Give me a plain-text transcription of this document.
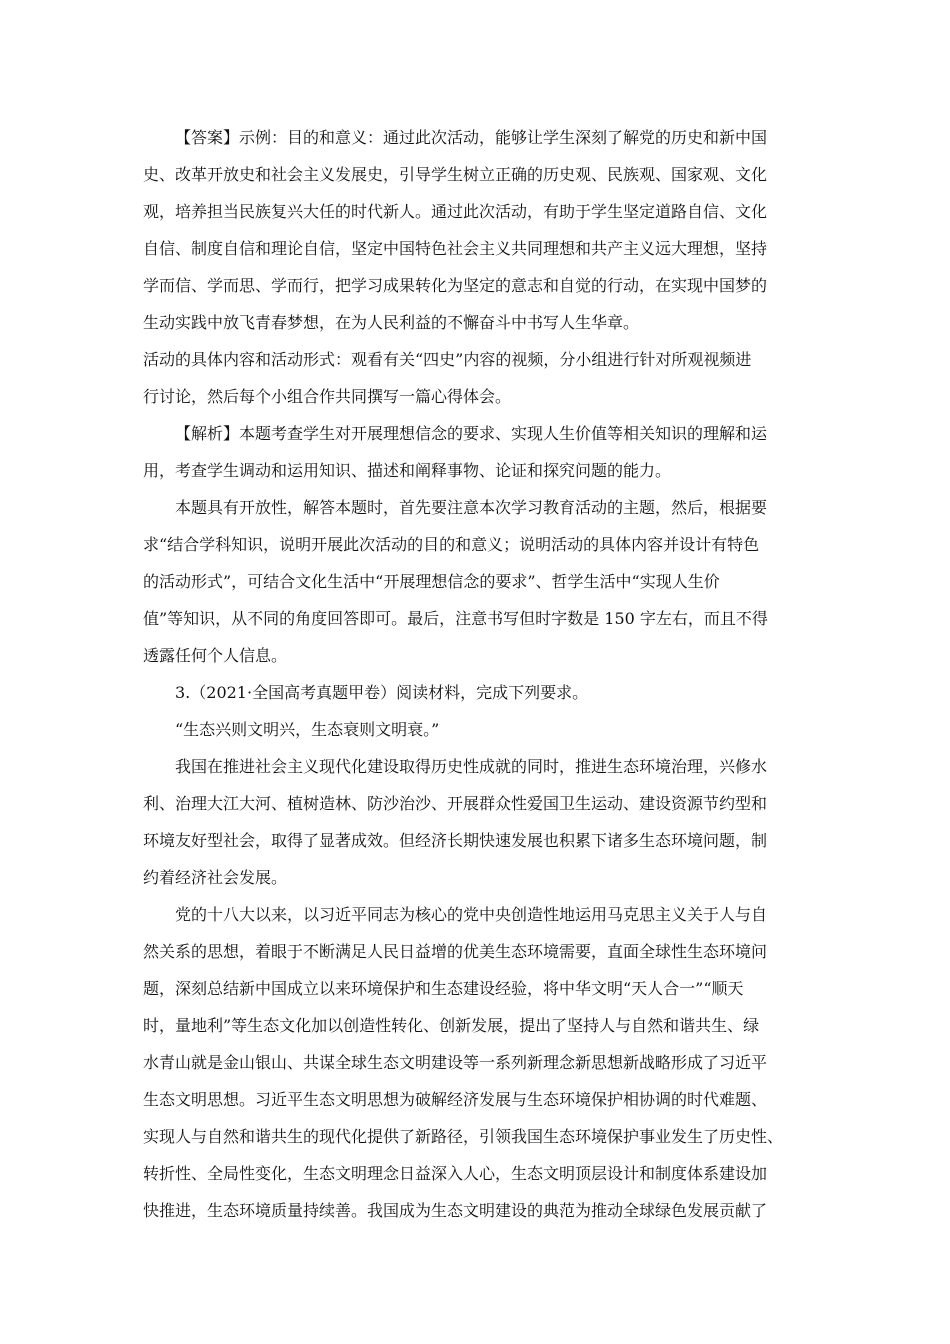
【答案】示例：目的和意义：通过此次活动，能够让学生深刻了解党的历史和新中国
史、改革开放史和社会主义发展史，引导学生树立正确的历史观、民族观、国家观、文化
观，培养担当民族复兴大任的时代新人。通过此次活动，有助于学生坚定道路自信、文化
自信、制度自信和理论自信，坚定中国特色社会主义共同理想和共产主义远大理想，坚持
学而信、学而思、学而行，把学习成果转化为坚定的意志和自觉的行动，在实现中国梦的
生动实践中放飞青春梦想，在为人民利益的不懈奋斗中书写人生华章。
活动的具体内容和活动形式：观看有关“四史”内容的视频，分小组进行针对所观视频进
行讨论，然后每个小组合作共同撰写一篇心得体会。
【解析】本题考查学生对开展理想信念的要求、实现人生价值等相关知识的理解和运
用，考查学生调动和运用知识、描述和阐释事物、论证和探究问题的能力。
本题具有开放性，解答本题时，首先要注意本次学习教育活动的主题，然后，根据要
求“结合学科知识，说明开展此次活动的目的和意义；说明活动的具体内容并设计有特色
的活动形式”，可结合文化生活中“开展理想信念的要求”、哲学生活中“实现人生价
值”等知识，从不同的角度回答即可。最后，注意书写但时字数是 150 字左右，而且不得
透露任何个人信息。
3.（2021·全国高考真题甲卷）阅读材料，完成下列要求。
“生态兴则文明兴，生态衰则文明衰。”
我国在推进社会主义现代化建设取得历史性成就的同时，推进生态环境治理，兴修水
利、治理大江大河、植树造林、防沙治沙、开展群众性爱国卫生运动、建设资源节约型和
环境友好型社会，取得了显著成效。但经济长期快速发展也积累下诸多生态环境问题，制
约着经济社会发展。
党的十八大以来，以习近平同志为核心的党中央创造性地运用马克思主义关于人与自
然关系的思想，着眼于不断满足人民日益增的优美生态环境需要，直面全球性生态环境问
题，深刻总结新中国成立以来环境保护和生态建设经验，将中华文明“天人合一”“顺天
时，量地利”等生态文化加以创造性转化、创新发展，提出了坚持人与自然和谐共生、绿
水青山就是金山银山、共谋全球生态文明建设等一系列新理念新思想新战略形成了习近平
生态文明思想。习近平生态文明思想为破解经济发展与生态环境保护相协调的时代难题、
实现人与自然和谐共生的现代化提供了新路径，引领我国生态环境保护事业发生了历史性、
转折性、全局性变化，生态文明理念日益深入人心，生态文明顶层设计和制度体系建设加
快推进，生态环境质量持续善。我国成为生态文明建设的典范为推动全球绿色发展贡献了
